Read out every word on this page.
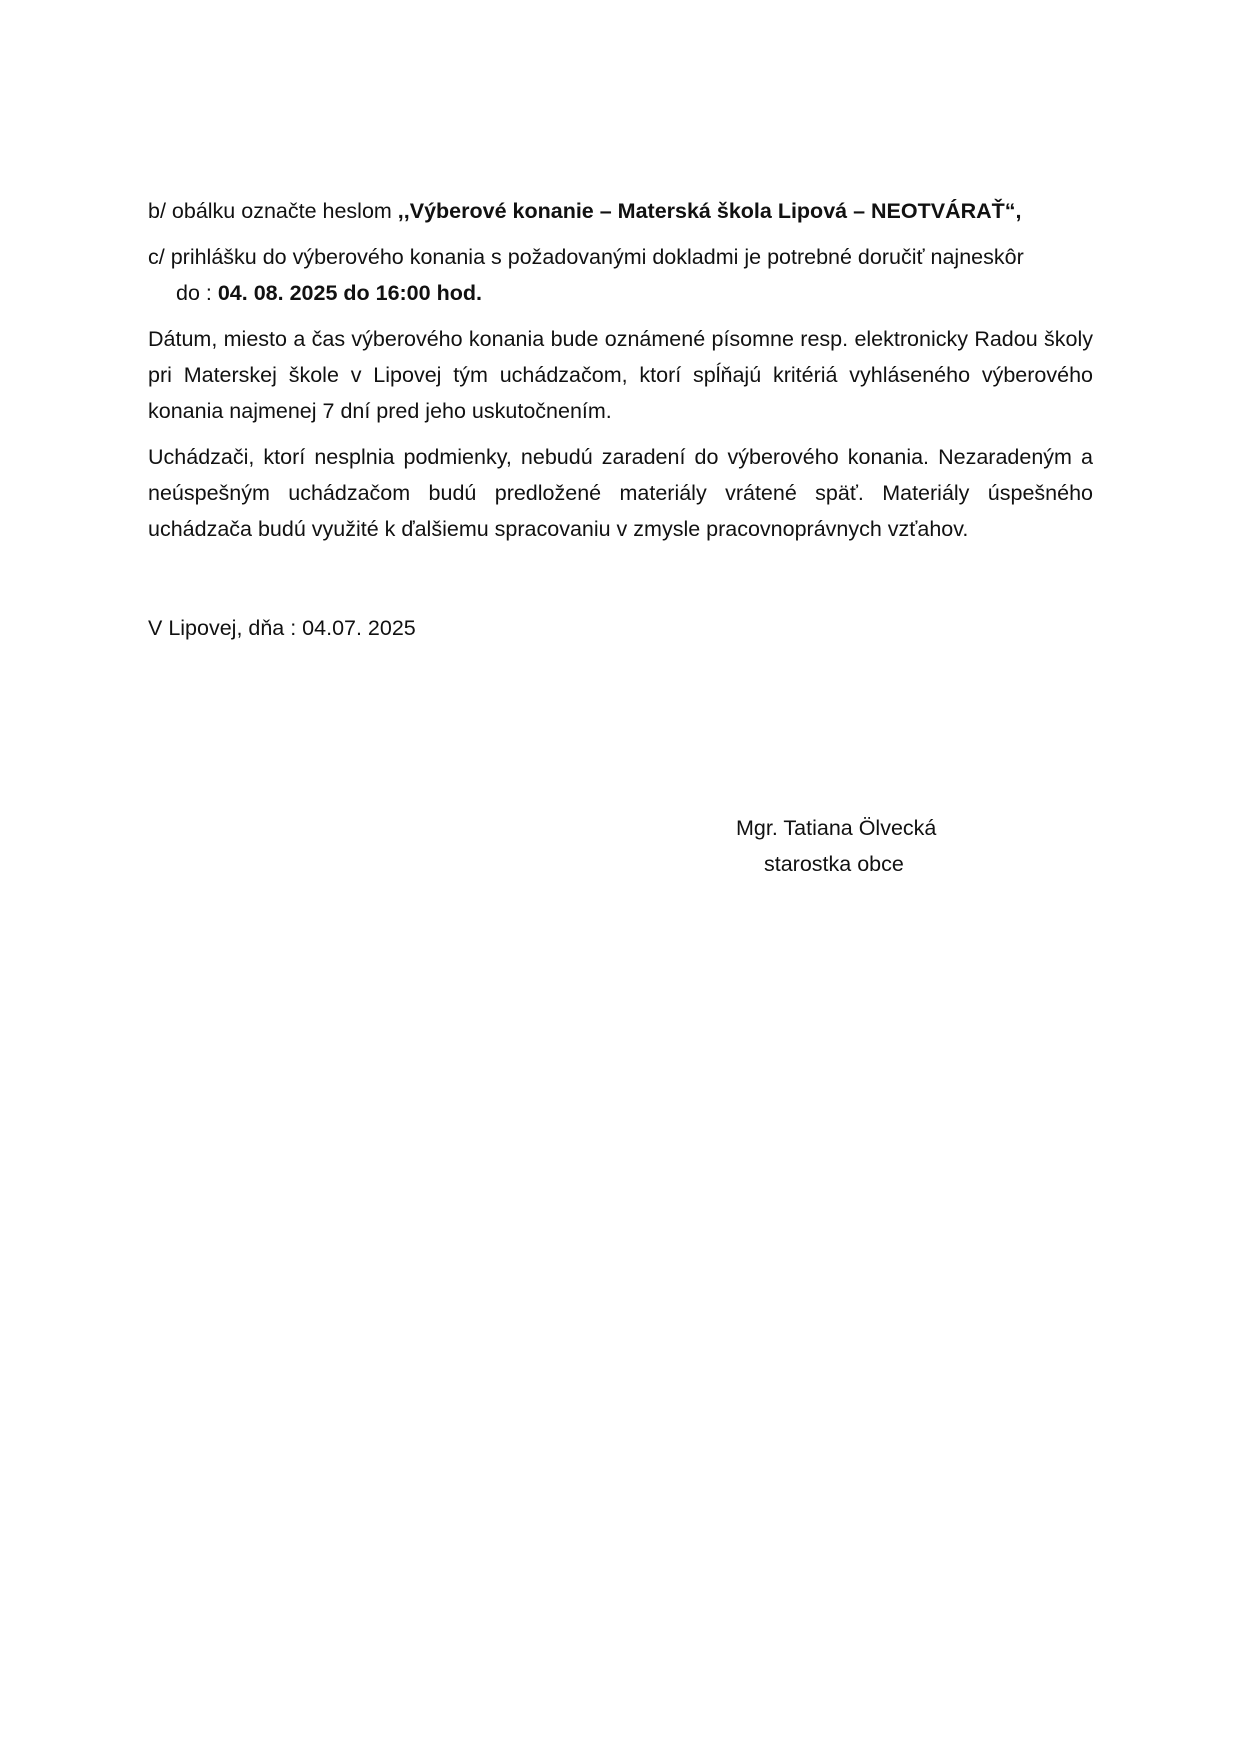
b/ obálku označte heslom ,,Výberové konanie – Materská škola Lipová – NEOTVÁRAŤ“,

c/ prihlášku do výberového konania s požadovanými dokladmi je potrebné doručiť najneskôr
do : 04. 08. 2025 do 16:00 hod.

Dátum, miesto a čas výberového konania bude oznámené písomne resp. elektronicky Radou školy pri Materskej škole v Lipovej tým uchádzačom, ktorí spĺňajú kritériá vyhláseného výberového konania najmenej 7 dní pred jeho uskutočnením.

Uchádzači, ktorí nesplnia podmienky, nebudú zaradení do výberového konania. Nezaradeným a neúspešným uchádzačom budú predložené materiály vrátené späť. Materiály úspešného uchádzača budú využité k ďalšiemu spracovaniu v zmysle pracovnoprávnych vzťahov.

V Lipovej, dňa : 04.07. 2025
Mgr. Tatiana Ölvecká
starostka obce
